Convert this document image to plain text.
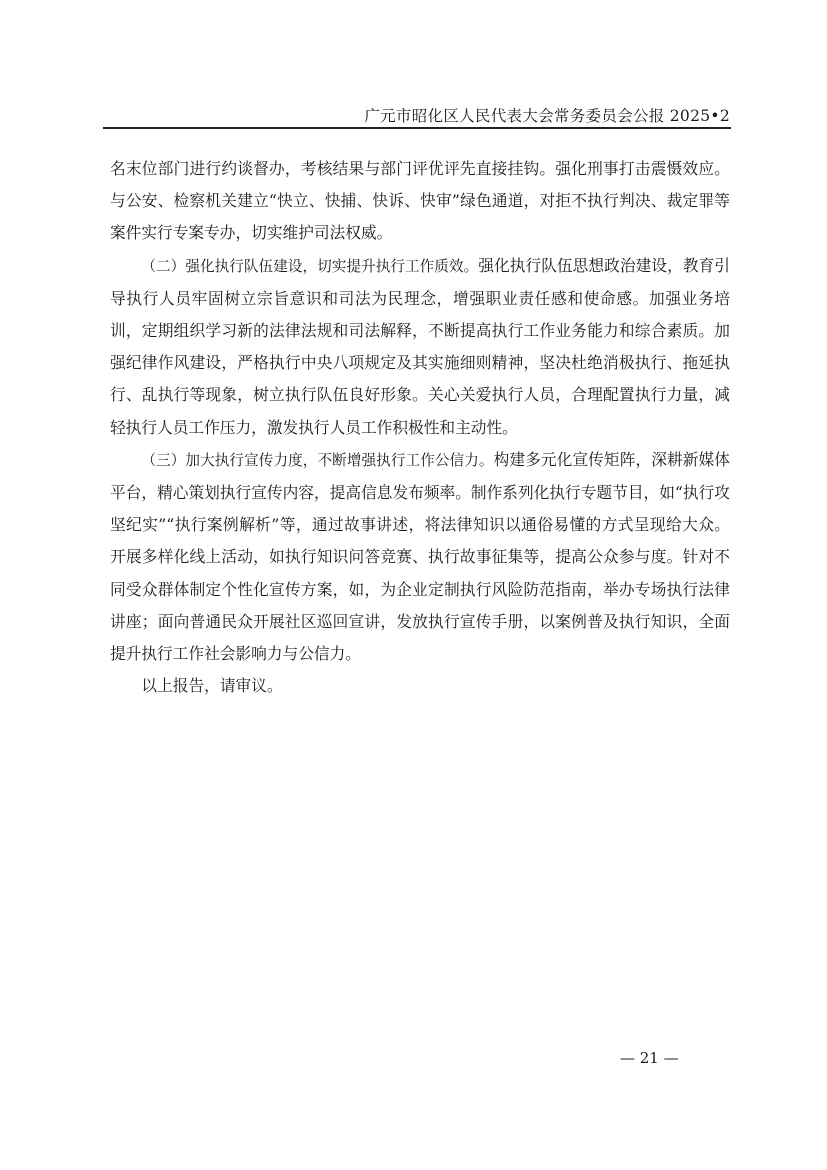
广元市昭化区人民代表大会常务委员会公报 2025•2

名末位部门进行约谈督办，考核结果与部门评优评先直接挂钩。强化刑事打击震慑效应。与公安、检察机关建立“快立、快捕、快诉、快审”绿色通道，对拒不执行判决、裁定罪等案件实行专案专办，切实维护司法权威。

（二）强化执行队伍建设，切实提升执行工作质效。强化执行队伍思想政治建设，教育引导执行人员牢固树立宗旨意识和司法为民理念，增强职业责任感和使命感。加强业务培训，定期组织学习新的法律法规和司法解释，不断提高执行工作业务能力和综合素质。加强纪律作风建设，严格执行中央八项规定及其实施细则精神，坚决杜绝消极执行、拖延执行、乱执行等现象，树立执行队伍良好形象。关心关爱执行人员，合理配置执行力量，减轻执行人员工作压力，激发执行人员工作积极性和主动性。

（三）加大执行宣传力度，不断增强执行工作公信力。构建多元化宣传矩阵，深耕新媒体平台，精心策划执行宣传内容，提高信息发布频率。制作系列化执行专题节目，如“执行攻坚纪实”“执行案例解析”等，通过故事讲述，将法律知识以通俗易懂的方式呈现给大众。开展多样化线上活动，如执行知识问答竞赛、执行故事征集等，提高公众参与度。针对不同受众群体制定个性化宣传方案，如，为企业定制执行风险防范指南，举办专场执行法律讲座；面向普通民众开展社区巡回宣讲，发放执行宣传手册，以案例普及执行知识，全面提升执行工作社会影响力与公信力。

以上报告，请审议。

— 21 —
